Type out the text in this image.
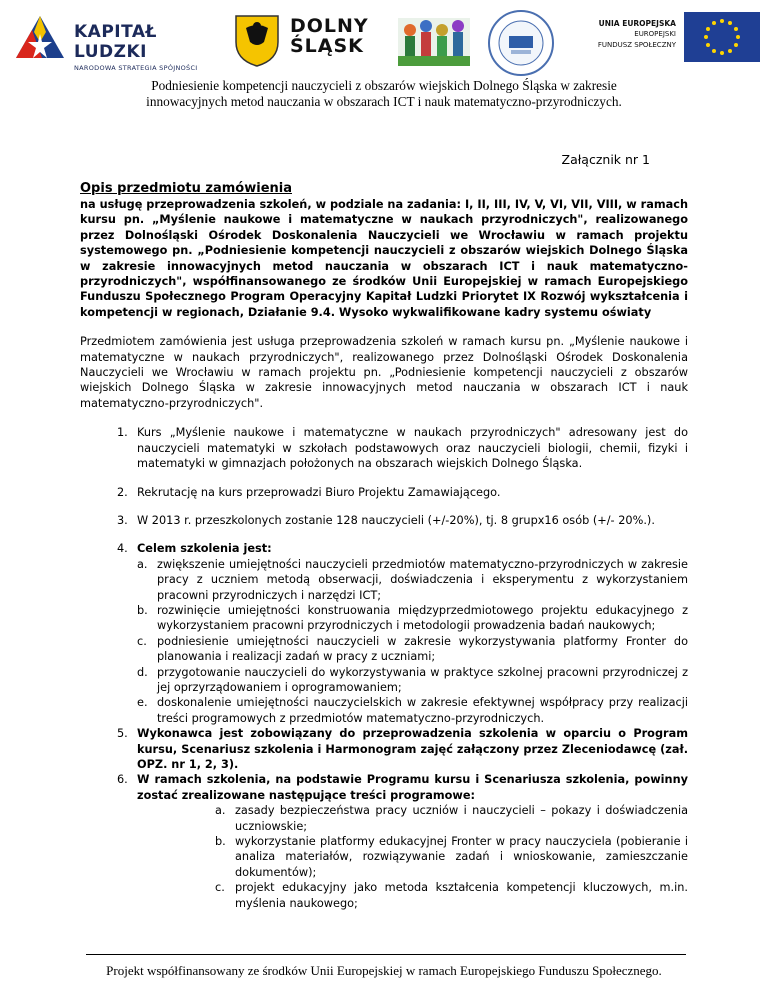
KAPITAŁ LUDZKI
NARODOWA STRATEGIA SPÓJNOŚCI
DOLNY
ŚLĄSK
UNIA EUROPEJSKA
EUROPEJSKI
FUNDUSZ SPOŁECZNY
Podniesienie kompetencji nauczycieli z obszarów wiejskich Dolnego Śląska w zakresie
innowacyjnych metod nauczania w obszarach ICT i nauk matematyczno-przyrodniczych.
Załącznik nr 1

Opis przedmiotu zamówienia

na usługę przeprowadzenia szkoleń, w podziale na zadania: I, II, III, IV, V, VI, VII, VIII, w ramach kursu pn. „Myślenie naukowe i matematyczne w naukach przyrodniczych", realizowanego przez Dolnośląski Ośrodek Doskonalenia Nauczycieli we Wrocławiu w ramach projektu systemowego pn. „Podniesienie kompetencji nauczycieli z obszarów wiejskich Dolnego Śląska w zakresie innowacyjnych metod nauczania w obszarach ICT i nauk matematyczno-przyrodniczych", współfinansowanego ze środków Unii Europejskiej w ramach Europejskiego Funduszu Społecznego Program Operacyjny Kapitał Ludzki Priorytet IX Rozwój wykształcenia i kompetencji w regionach, Działanie 9.4. Wysoko wykwalifikowane kadry systemu oświaty

Przedmiotem zamówienia jest usługa przeprowadzenia szkoleń w ramach kursu pn. „Myślenie naukowe i matematyczne w naukach przyrodniczych", realizowanego przez Dolnośląski Ośrodek Doskonalenia Nauczycieli we Wrocławiu w ramach projektu pn. „Podniesienie kompetencji nauczycieli z obszarów wiejskich Dolnego Śląska w zakresie innowacyjnych metod nauczania w obszarach ICT i nauk matematyczno-przyrodniczych".

1. Kurs „Myślenie naukowe i matematyczne w naukach przyrodniczych" adresowany jest do nauczycieli matematyki w szkołach podstawowych oraz nauczycieli biologii, chemii, fizyki i matematyki w gimnazjach położonych na obszarach wiejskich Dolnego Śląska.
2. Rekrutację na kurs przeprowadzi Biuro Projektu Zamawiającego.
3. W 2013 r. przeszkolonych zostanie 128 nauczycieli (+/-20%), tj. 8 grupx16 osób (+/- 20%.).
4. Celem szkolenia jest:
a. zwiększenie umiejętności nauczycieli przedmiotów matematyczno-przyrodniczych w zakresie pracy z uczniem metodą obserwacji, doświadczenia i eksperymentu z wykorzystaniem pracowni przyrodniczych i narzędzi ICT;
b. rozwinięcie umiejętności konstruowania międzyprzedmiotowego projektu edukacyjnego z wykorzystaniem pracowni przyrodniczych i metodologii prowadzenia badań naukowych;
c. podniesienie umiejętności nauczycieli w zakresie wykorzystywania platformy Fronter do planowania i realizacji zadań w pracy z uczniami;
d. przygotowanie nauczycieli do wykorzystywania w praktyce szkolnej pracowni przyrodniczej z jej oprzyrządowaniem i oprogramowaniem;
e. doskonalenie umiejętności nauczycielskich w zakresie efektywnej współpracy przy realizacji treści programowych z przedmiotów matematyczno-przyrodniczych.
5. Wykonawca jest zobowiązany do przeprowadzenia szkolenia w oparciu o Program kursu, Scenariusz szkolenia i Harmonogram zajęć załączony przez Zleceniodawcę (zał. OPZ. nr 1, 2, 3).
6. W ramach szkolenia, na podstawie Programu kursu i Scenariusza szkolenia, powinny zostać zrealizowane następujące treści programowe:
a. zasady bezpieczeństwa pracy uczniów i nauczycieli – pokazy i doświadczenia uczniowskie;
b. wykorzystanie platformy edukacyjnej Fronter w pracy nauczyciela (pobieranie i analiza materiałów, rozwiązywanie zadań i wnioskowanie, zamieszczanie dokumentów);
c. projekt edukacyjny jako metoda kształcenia kompetencji kluczowych, m.in. myślenia naukowego;
Projekt współfinansowany ze środków Unii Europejskiej w ramach Europejskiego Funduszu Społecznego.
